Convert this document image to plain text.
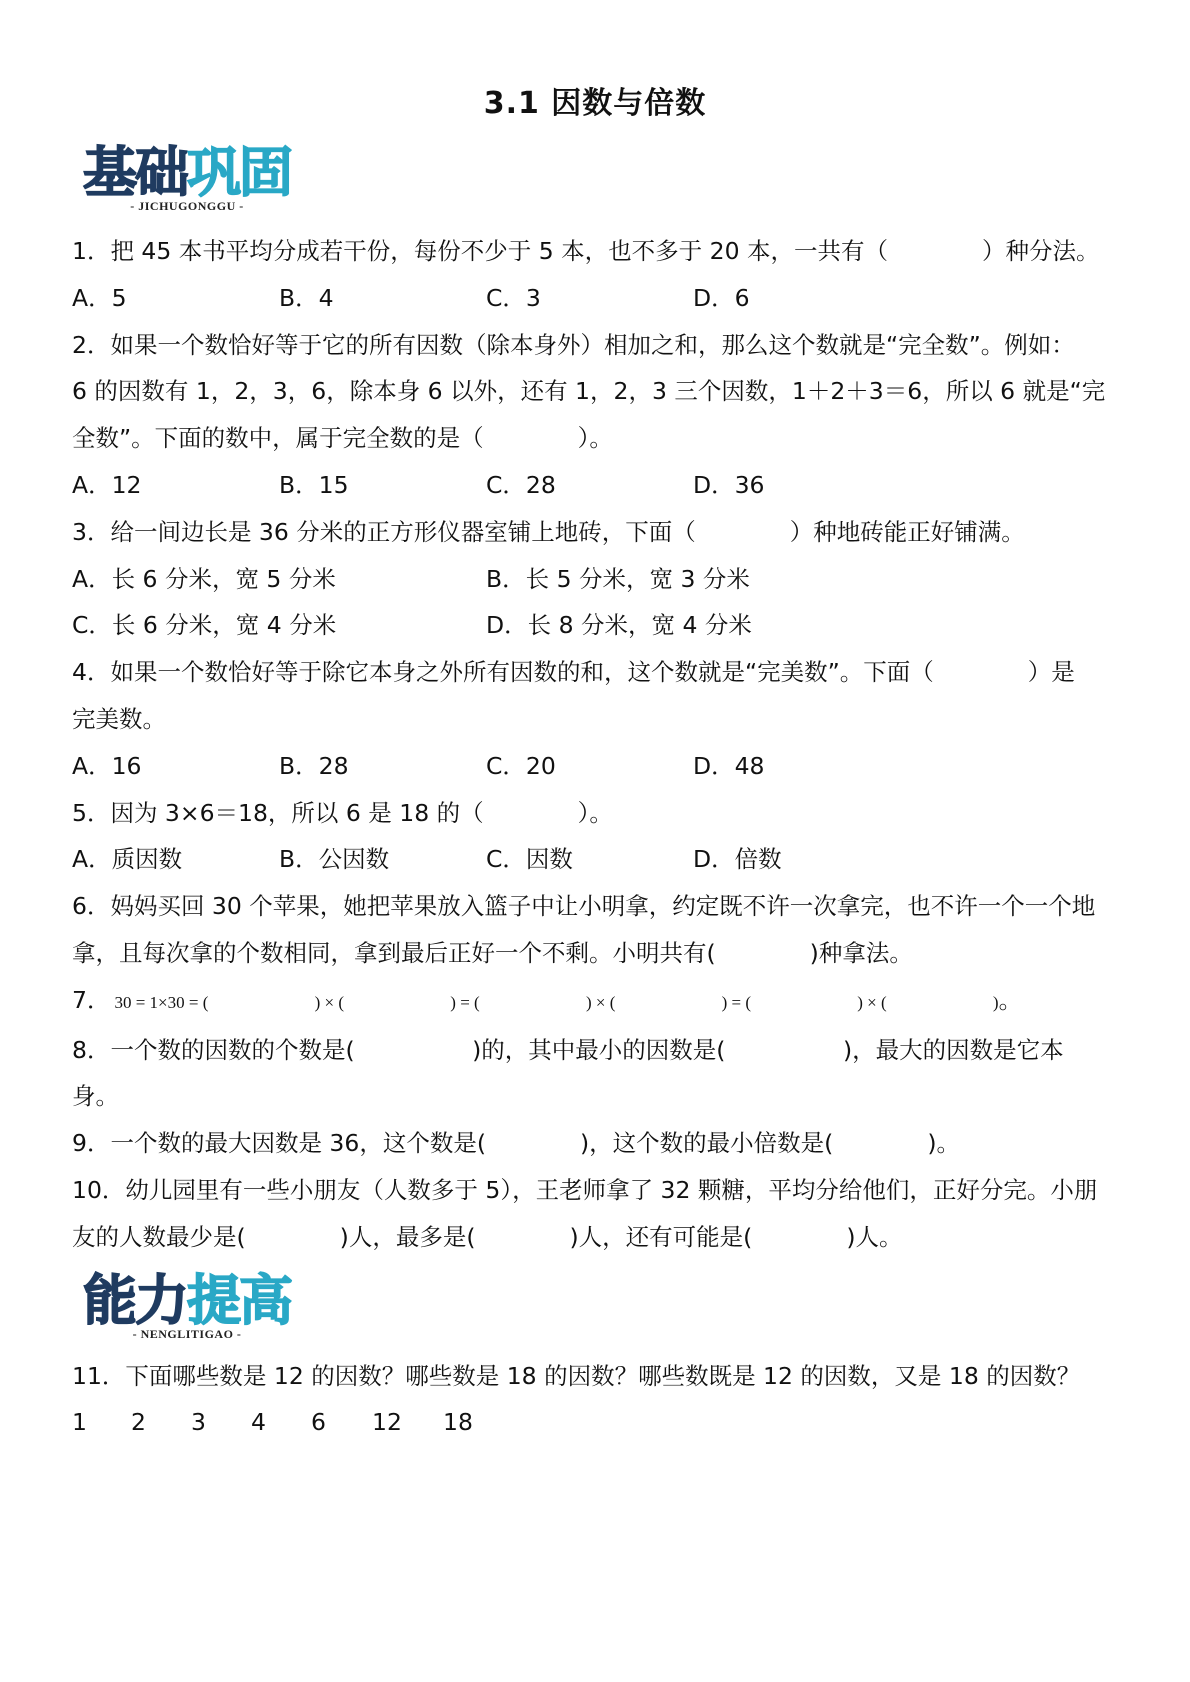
3.1 因数与倍数
基础巩固
- JICHUGONGGU -
1．把 45 本书平均分成若干份，每份不少于 5 本，也不多于 20 本，一共有（　　　　）种分法。
A．5	B．4	C．3	D．6
2．如果一个数恰好等于它的所有因数（除本身外）相加之和，那么这个数就是“完全数”。例如：
6 的因数有 1，2，3，6，除本身 6 以外，还有 1，2，3 三个因数，1＋2＋3＝6，所以 6 就是“完
全数”。下面的数中，属于完全数的是（　　　　）。
A．12	B．15	C．28	D．36
3．给一间边长是 36 分米的正方形仪器室铺上地砖，下面（　　　　）种地砖能正好铺满。
A．长 6 分米，宽 5 分米	B．长 5 分米，宽 3 分米
C．长 6 分米，宽 4 分米	D．长 8 分米，宽 4 分米
4．如果一个数恰好等于除它本身之外所有因数的和，这个数就是“完美数”。下面（　　　　）是
完美数。
A．16	B．28	C．20	D．48
5．因为 3×6＝18，所以 6 是 18 的（　　　　）。
A．质因数	B．公因数	C．因数	D．倍数
6．妈妈买回 30 个苹果，她把苹果放入篮子中让小明拿，约定既不许一次拿完，也不许一个一个地
拿，且每次拿的个数相同，拿到最后正好一个不剩。小明共有(　　　　)种拿法。
7． 30 = 1×30 = (                         ) × (                         ) = (                         ) × (                         ) = (                         ) × (                         )。
8．一个数的因数的个数是(　　　　　)的，其中最小的因数是(　　　　　)，最大的因数是它本
身。
9．一个数的最大因数是 36，这个数是(　　　　)，这个数的最小倍数是(　　　　)。
10．幼儿园里有一些小朋友（人数多于 5），王老师拿了 32 颗糖，平均分给他们，正好分完。小朋
友的人数最少是(　　　　)人，最多是(　　　　)人，还有可能是(　　　　)人。
能力提高
- NENGLITIGAO -
11．下面哪些数是 12 的因数？哪些数是 18 的因数？哪些数既是 12 的因数，又是 18 的因数？
1 2 3 4 6 12 18
